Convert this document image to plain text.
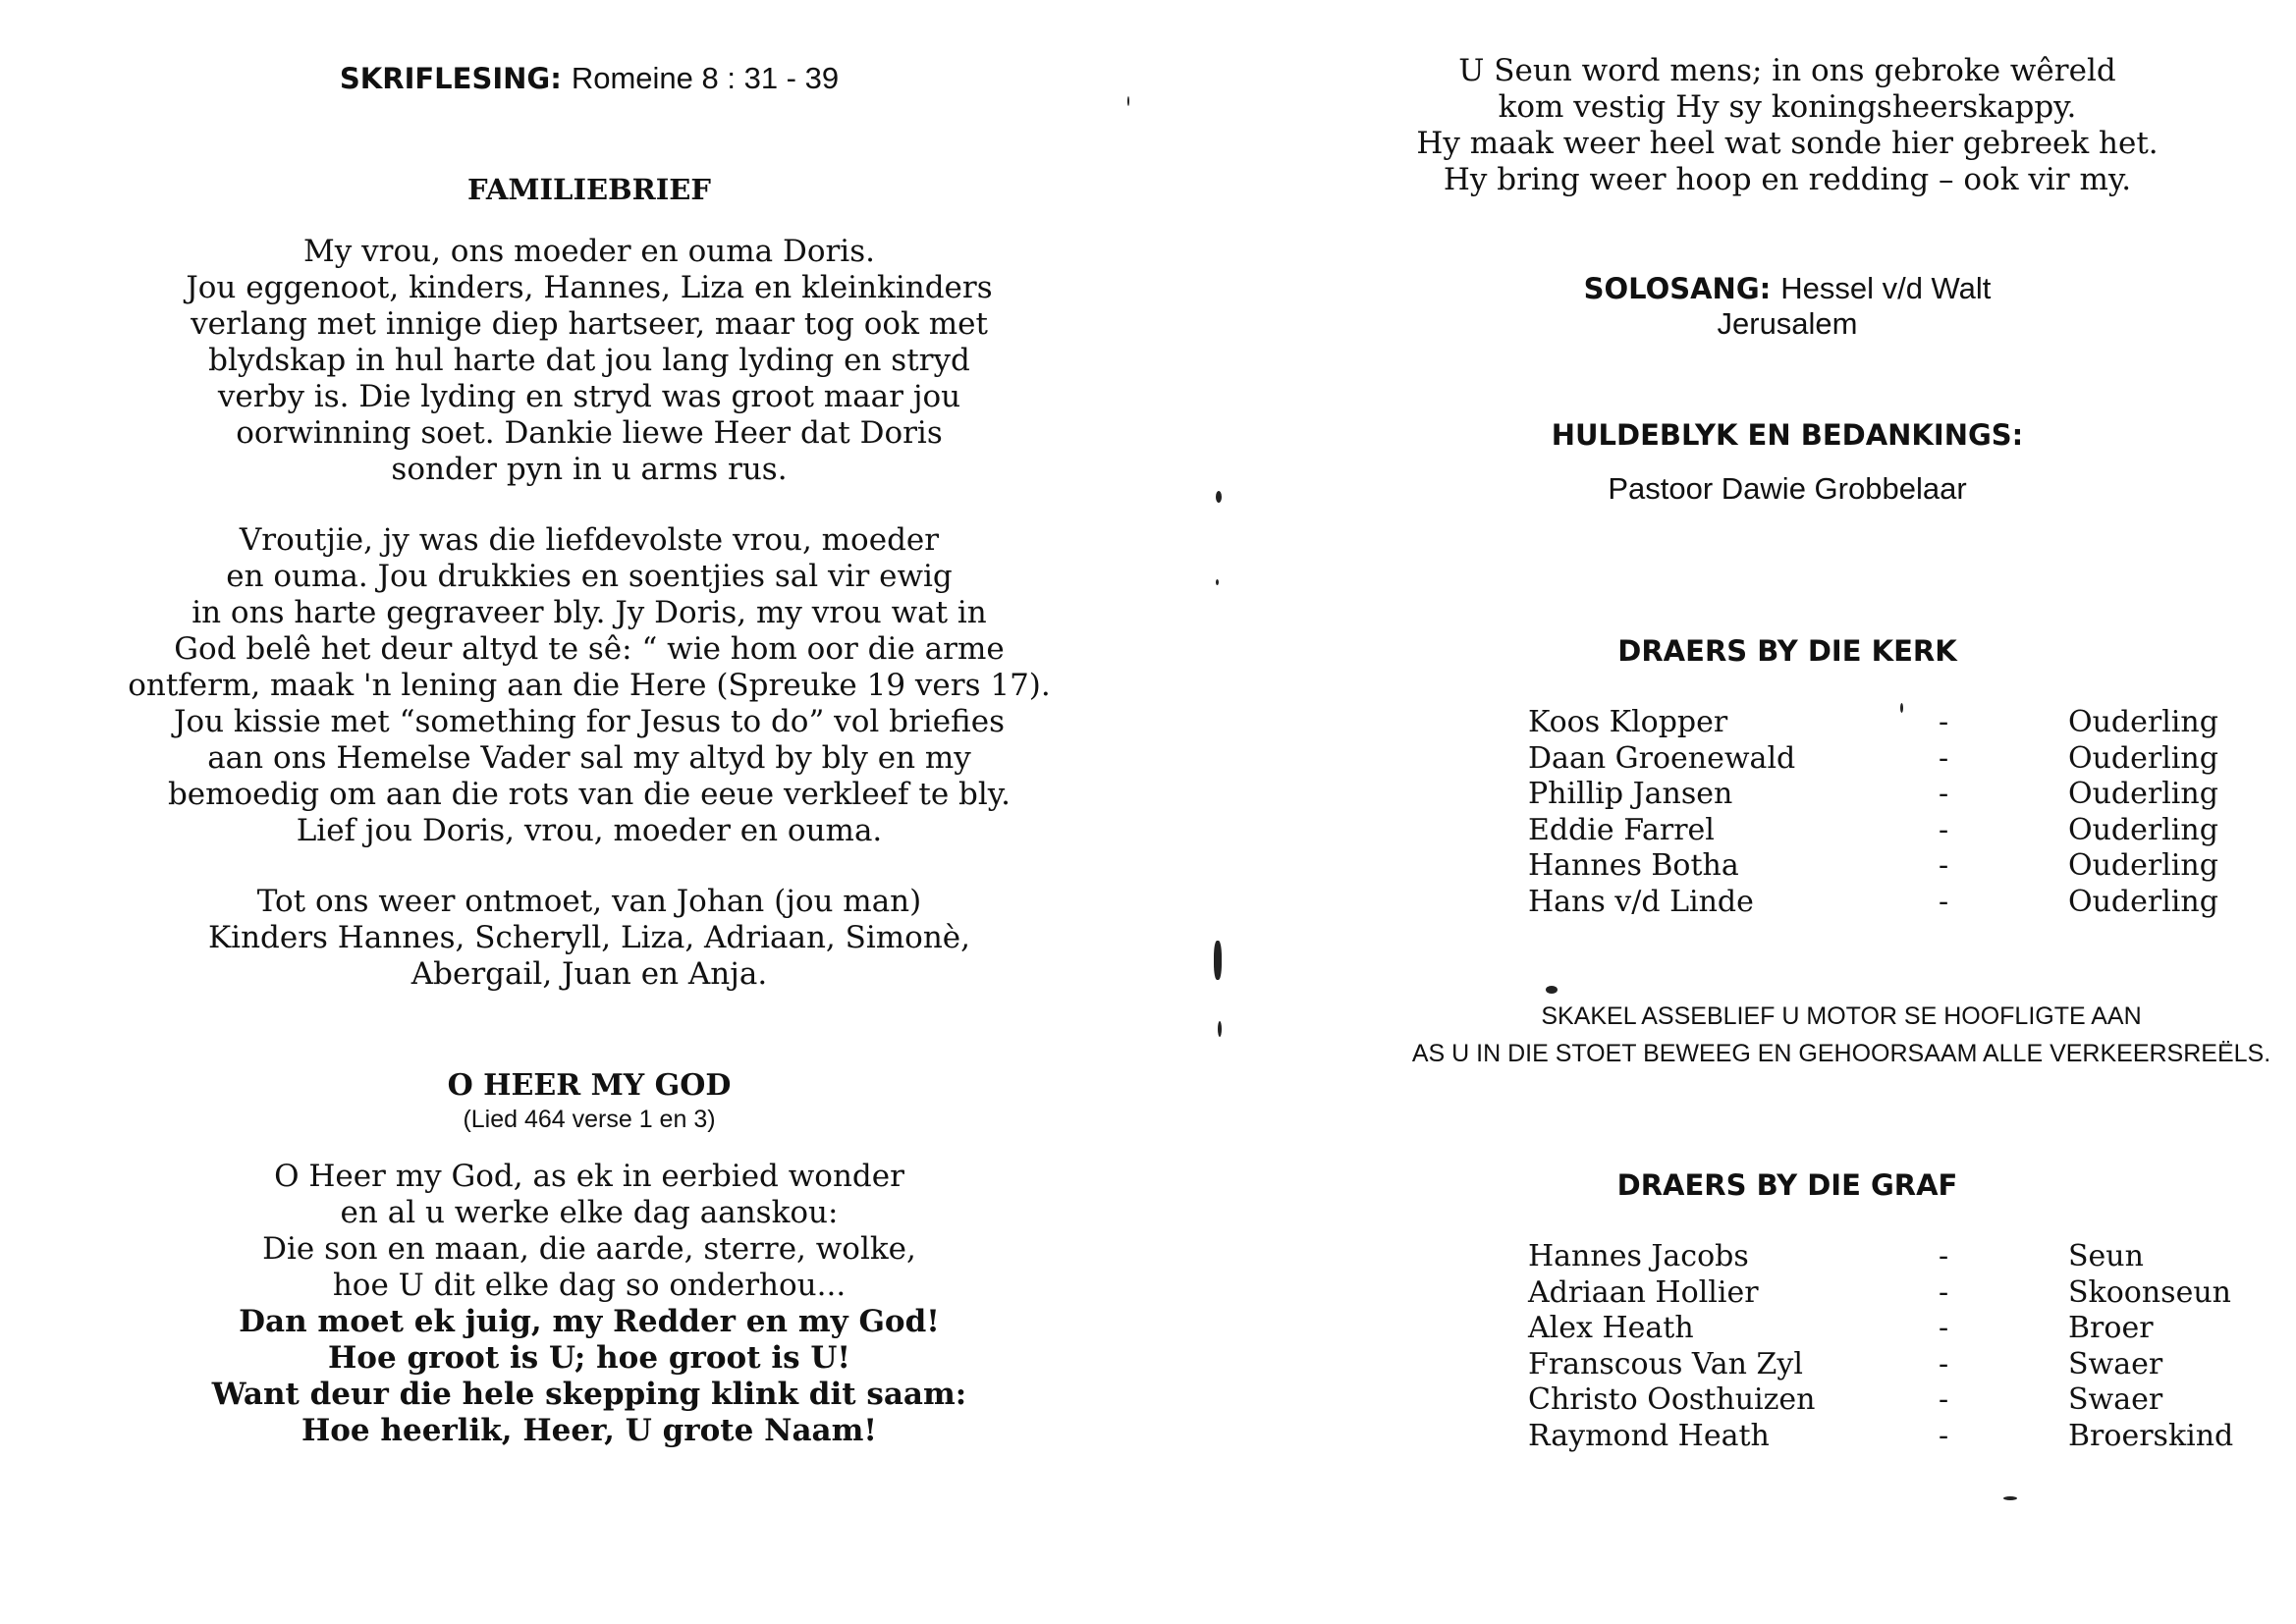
SKRIFLESING: Romeine 8 : 31 - 39
FAMILIEBRIEF
My vrou, ons moeder en ouma Doris.
Jou eggenoot, kinders, Hannes, Liza en kleinkinders
verlang met innige diep hartseer, maar tog ook met
blydskap in hul harte dat jou lang lyding en stryd
verby is. Die lyding en stryd was groot maar jou
oorwinning soet. Dankie liewe Heer dat Doris
sonder pyn in u arms rus.
Vroutjie, jy was die liefdevolste vrou, moeder
en ouma. Jou drukkies en soentjies sal vir ewig
in ons harte gegraveer bly. Jy Doris, my vrou wat in
God belê het deur altyd te sê: “ wie hom oor die arme
ontferm, maak 'n lening aan die Here (Spreuke 19 vers 17).
Jou kissie met “something for Jesus to do” vol briefies
aan ons Hemelse Vader sal my altyd by bly en my
bemoedig om aan die rots van die eeue verkleef te bly.
Lief jou Doris, vrou, moeder en ouma.
Tot ons weer ontmoet, van Johan (jou man)
Kinders Hannes, Scheryll, Liza, Adriaan, Simonè,
Abergail, Juan en Anja.
O HEER MY GOD
(Lied 464 verse 1 en 3)
O Heer my God, as ek in eerbied wonder
en al u werke elke dag aanskou:
Die son en maan, die aarde, sterre, wolke,
hoe U dit elke dag so onderhou...
Dan moet ek juig, my Redder en my God!
Hoe groot is U; hoe groot is U!
Want deur die hele skepping klink dit saam:
Hoe heerlik, Heer, U grote Naam!
U Seun word mens; in ons gebroke wêreld
kom vestig Hy sy koningsheerskappy.
Hy maak weer heel wat sonde hier gebreek het.
Hy bring weer hoop en redding – ook vir my.
SOLOSANG: Hessel v/d Walt
Jerusalem
HULDEBLYK EN BEDANKINGS:
Pastoor Dawie Grobbelaar
DRAERS BY DIE KERK
Koos Klopper	-	Ouderling
Daan Groenewald	-	Ouderling
Phillip Jansen	-	Ouderling
Eddie Farrel	-	Ouderling
Hannes Botha	-	Ouderling
Hans v/d Linde	-	Ouderling
SKAKEL ASSEBLIEF U MOTOR SE HOOFLIGTE AAN
AS U IN DIE STOET BEWEEG EN GEHOORSAAM ALLE VERKEERSREËLS.
DRAERS BY DIE GRAF
Hannes Jacobs	-	Seun
Adriaan Hollier	-	Skoonseun
Alex Heath	-	Broer
Franscous Van Zyl	-	Swaer
Christo Oosthuizen	-	Swaer
Raymond Heath	-	Broerskind
